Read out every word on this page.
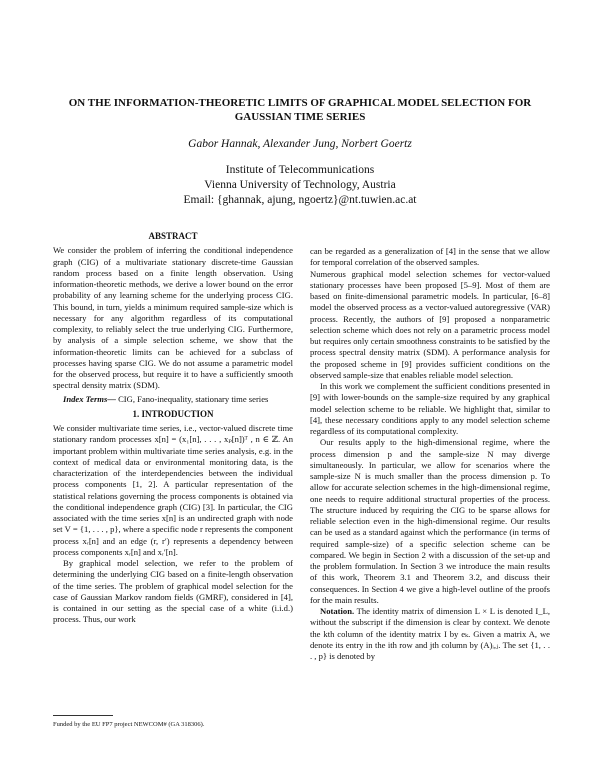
ON THE INFORMATION-THEORETIC LIMITS OF GRAPHICAL MODEL SELECTION FOR GAUSSIAN TIME SERIES
Gabor Hannak, Alexander Jung, Norbert Goertz
Institute of Telecommunications
Vienna University of Technology, Austria
Email: {ghannak, ajung, ngoertz}@nt.tuwien.ac.at
ABSTRACT

We consider the problem of inferring the conditional independence graph (CIG) of a multivariate stationary discrete-time Gaussian random process based on a finite length observation. Using information-theoretic methods, we derive a lower bound on the error probability of any learning scheme for the underlying process CIG. This bound, in turn, yields a minimum required sample-size which is necessary for any algorithm regardless of its computational complexity, to reliably select the true underlying CIG. Furthermore, by analysis of a simple selection scheme, we show that the information-theoretic limits can be achieved for a subclass of processes having sparse CIG. We do not assume a parametric model for the observed process, but require it to have a sufficiently smooth spectral density matrix (SDM).

Index Terms— CIG, Fano-inequality, stationary time series

1. INTRODUCTION

We consider multivariate time series, i.e., vector-valued discrete time stationary random processes x[n] = (x₁[n], . . . , xₚ[n])ᵀ , n ∈ ℤ. An important problem within multivariate time series analysis, e.g. in the context of medical data or environmental monitoring data, is the characterization of the interdependencies between the individual process components [1, 2]. A particular representation of the statistical relations governing the process components is obtained via the conditional independence graph (CIG) [3]. In particular, the CIG associated with the time series x[n] is an undirected graph with node set V = {1, . . . , p}, where a specific node r represents the component process xᵣ[n] and an edge (r, r′) represents a dependency between process components xᵣ[n] and xᵣ′[n].

By graphical model selection, we refer to the problem of determining the underlying CIG based on a finite-length observation of the time series. The problem of graphical model selection for the case of Gaussian Markov random fields (GMRF), considered in [4], is contained in our setting as the special case of a white (i.i.d.) process. Thus, our work

Funded by the EU FP7 project NEWCOM# (GA 318306).

can be regarded as a generalization of [4] in the sense that we allow for temporal correlation of the observed samples.

Numerous graphical model selection schemes for vector-valued stationary processes have been proposed [5–9]. Most of them are based on finite-dimensional parametric models. In particular, [6–8] model the observed process as a vector-valued autoregressive (VAR) process. Recently, the authors of [9] proposed a nonparametric selection scheme which does not rely on a parametric process model but requires only certain smoothness constraints to be satisfied by the process spectral density matrix (SDM). A performance analysis for the proposed scheme in [9] provides sufficient conditions on the observed sample-size that enables reliable model selection.

In this work we complement the sufficient conditions presented in [9] with lower-bounds on the sample-size required by any graphical model selection scheme to be reliable. We highlight that, similar to [4], these necessary conditions apply to any model selection scheme regardless of its computational complexity.

Our results apply to the high-dimensional regime, where the process dimension p and the sample-size N may diverge simultaneously. In particular, we allow for scenarios where the sample-size N is much smaller than the process dimension p. To allow for accurate selection schemes in the high-dimensional regime, one needs to require additional structural properties of the process. The structure induced by requiring the CIG to be sparse allows for reliable selection even in the high-dimensional regime. Our results can be used as a standard against which the performance (in terms of required sample-size) of a specific selection scheme can be compared. We begin in Section 2 with a discussion of the set-up and the problem formulation. In Section 3 we introduce the main results of this work, Theorem 3.1 and Theorem 3.2, and discuss their consequences. In Section 4 we give a high-level outline of the proofs for the main results.

Notation. The identity matrix of dimension L × L is denoted I_L, without the subscript if the dimension is clear by context. We denote the kth column of the identity matrix I by eₖ. Given a matrix A, we denote its entry in the ith row and jth column by (A)ᵢ,ⱼ. The set {1, . . . , p} is denoted by
